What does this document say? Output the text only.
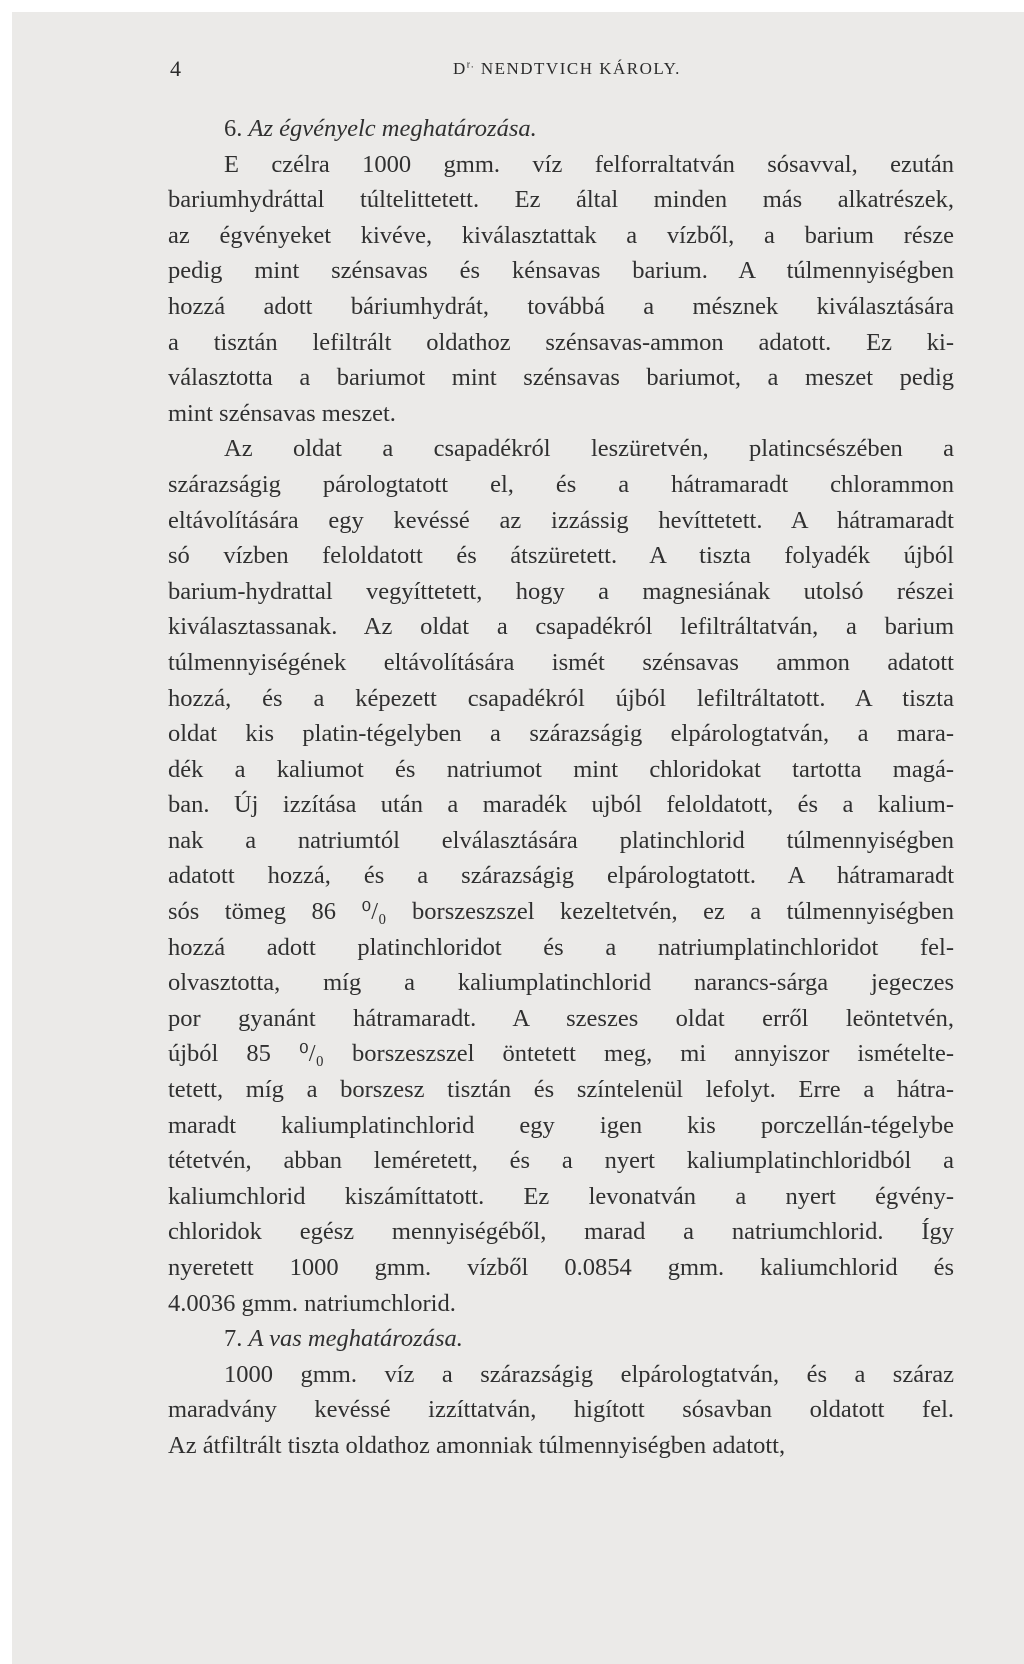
4	$D^{r.}$ NENDTVICH KÁROLY.
6. Az égvényelc meghatározása.
E czélra 1000 gmm. víz felforraltatván sósavval, ezután
bariumhydráttal túltelittetett. Ez által minden más alkatrészek,
az égvényeket kivéve, kiválasztattak a vízből, a barium része
pedig mint szénsavas és kénsavas barium. A túlmennyiségben
hozzá adott báriumhydrát, továbbá a mésznek kiválasztására
a tisztán lefiltrált oldathoz szénsavas-ammon adatott. Ez ki-
választotta a bariumot mint szénsavas bariumot, a meszet pedig
mint szénsavas meszet.
Az oldat a csapadékról leszüretvén, platincsészében a
szárazságig párologtatott el, és a hátramaradt chlorammon
eltávolítására egy kevéssé az izzássig hevíttetett. A hátramaradt
só vízben feloldatott és átszüretett. A tiszta folyadék újból
barium-hydrattal vegyíttetett, hogy a magnesiának utolsó részei
kiválasztassanak. Az oldat a csapadékról lefiltráltatván, a barium
túlmennyiségének eltávolítására ismét szénsavas ammon adatott
hozzá, és a képezett csapadékról újból lefiltráltatott. A tiszta
oldat kis platin-tégelyben a szárazságig elpárologtatván, a mara-
dék a kaliumot és natriumot mint chloridokat tartotta magá-
ban. Új izzítása után a maradék ujból feloldatott, és a kalium-
nak a natriumtól elválasztására platinchlorid túlmennyiségben
adatott hozzá, és a szárazságig elpárologtatott. A hátramaradt
sós tömeg 86 ⁰/₀ borszeszszel kezeltetvén, ez a túlmennyiségben
hozzá adott platinchloridot és a natriumplatinchloridot fel-
olvasztotta, míg a kaliumplatinchlorid narancs-sárga jegeczes
por gyanánt hátramaradt. A szeszes oldat erről leöntetvén,
újból 85 ⁰/₀ borszeszszel öntetett meg, mi annyiszor ismételte-
tetett, míg a borszesz tisztán és színtelenül lefolyt. Erre a hátra-
maradt kaliumplatinchlorid egy igen kis porczellán-tégelybe
tétetvén, abban leméretett, és a nyert kaliumplatinchloridból a
kaliumchlorid kiszámíttatott. Ez levonatván a nyert égvény-
chloridok egész mennyiségéből, marad a natriumchlorid. Így
nyeretett 1000 gmm. vízből 0.0854 gmm. kaliumchlorid és
4.0036 gmm. natriumchlorid.
7. A vas meghatározása.
1000 gmm. víz a szárazságig elpárologtatván, és a száraz
maradvány kevéssé izzíttatván, higított sósavban oldatott fel.
Az átfiltrált tiszta oldathoz amonniak túlmennyiségben adatott,
